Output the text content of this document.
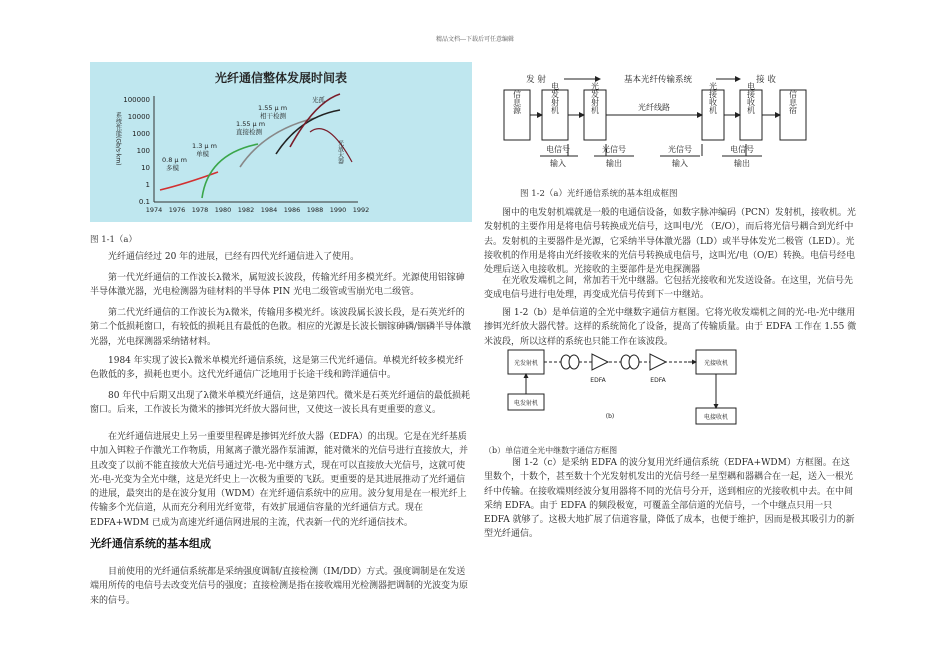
精品文档---下载后可任意编辑
光纤通信整体发展时间表
系统性能(Gb/s·km)
100000
10000
1000
100
10
1
0.1
1974 1976 1978 1980 1982 1984 1986 1988 1990 1992
0.8 μ m
多模
1.3 μ m
单模
1.55 μ m
直接检测
1.55 μ m
相干检测
光孤
光放大器
图 1-1（a）

光纤通信经过 20 年的进展，已经有四代光纤通信进入了使用。

第一代光纤通信的工作波长λ微米，属短波长波段，传输光纤用多模光纤。光源使用铝镓砷半导体激光器，光电检测器为硅材料的半导体 PIN 光电二级管或雪崩光电二级管。

第二代光纤通信的工作波长为λ微米，传输用多模光纤。该波段属长波长段，是石英光纤的第二个低损耗窗口，有较低的损耗且有最低的色散。相应的光源是长波长铟镓砷磷/铟磷半导体激光器，光电探测器采纳锗材料。

1984 年实现了波长λ微米单模光纤通信系统，这是第三代光纤通信。单模光纤较多模光纤色散低的多，损耗也更小。这代光纤通信广泛地用于长途干线和跨洋通信中。

80 年代中后期又出现了λ微米单模光纤通信，这是第四代。微米是石英光纤通信的最低损耗窗口。后来，工作波长为微米的掺铒光纤放大器问世，又使这一波长具有更重要的意义。

在光纤通信进展史上另一重要里程碑是掺铒光纤放大器（EDFA）的出现。它是在光纤基质中加入铒粒子作激光工作物质，用氮离子激光器作泵浦源，能对微米的光信号进行直接放大，并且改变了以前不能直接放大光信号通过光-电-光中继方式，现在可以直接放大光信号，这就可使光-电-光变为全光中继，这是光纤史上一次极为重要的飞跃。更重要的是其进展推动了光纤通信的进展，最突出的是在波分复用（WDM）在光纤通信系统中的应用。波分复用是在一根光纤上传输多个光信道，从而充分利用光纤宽带，有效扩展通信容量的光纤通信方式。现在 EDFA+WDM 已成为高速光纤通信网进展的主流，代表新一代的光纤通信技术。

光纤通信系统的基本组成

目前使用的光纤通信系统都是采纳强度调制/直接检测（IM/DD）方式。强度调制是在发送端用所传的电信号去改变光信号的强度；直接检测是指在接收端用光检测器把调制的光波变为原来的信号。

发 射	基本光纤传输系统	接 收
信息源	电发射机	光发射机	光接收机	电接收机	信息宿
光纤线路
电信号
输入
光信号
输出
光信号
输入
电信号
输出
图 1-2（a）光纤通信系统的基本组成框图

图中的电发射机端就是一般的电通信设备，如数字脉冲编码（PCN）发射机，接收机。光发射机的主要作用是将电信号转换成光信号，这叫电/光 （E/O），而后将光信号耦合到光纤中去。发射机的主要器件是光源，它采纳半导体激光器（LD）或半导体发光二极管（LED）。光接收机的作用是将由光纤接收来的光信号转换成电信号，这叫光/电（O/E）转换。电信号经电处理后送入电接收机。光接收的主要部件是光电探测器

在光收发端机之间，常加若干光中继器。它包括光接收和光发送设备。在这里，光信号先变成电信号进行电处理，再变成光信号传到下一中继站。

图 1-2（b）是单信道的全光中继数字通信方框图。它将光收发端机之间的光-电-光中继用掺铒光纤放大器代替。这样的系统简化了设备，提高了传输质量。由于 EDFA 工作在 1.55 微米波段，所以这样的系统也只能工作在该波段。

光发射机
EDFA	EDFA
光接收机
电发射机
电接收机
(b)
（b）单信道全光中继数字通信方框图

图 1-2（c）是采纳 EDFA 的波分复用光纤通信系统（EDFA+WDM）方框图。在这里数个，十数个，甚至数十个光发射机发出的光信号经一星型耦和器耦合在一起，送入一根光纤中传输。在接收端则经波分复用器将不同的光信号分开，送到相应的光接收机中去。在中间采纳 EDFA。由于 EDFA 的频段极宽，可覆盖全部信道的光信号，一个中继点只用一只 EDFA 就够了。这极大地扩展了信道容量，降低了成本，也便于维护，因而是极其吸引力的新型光纤通信。
